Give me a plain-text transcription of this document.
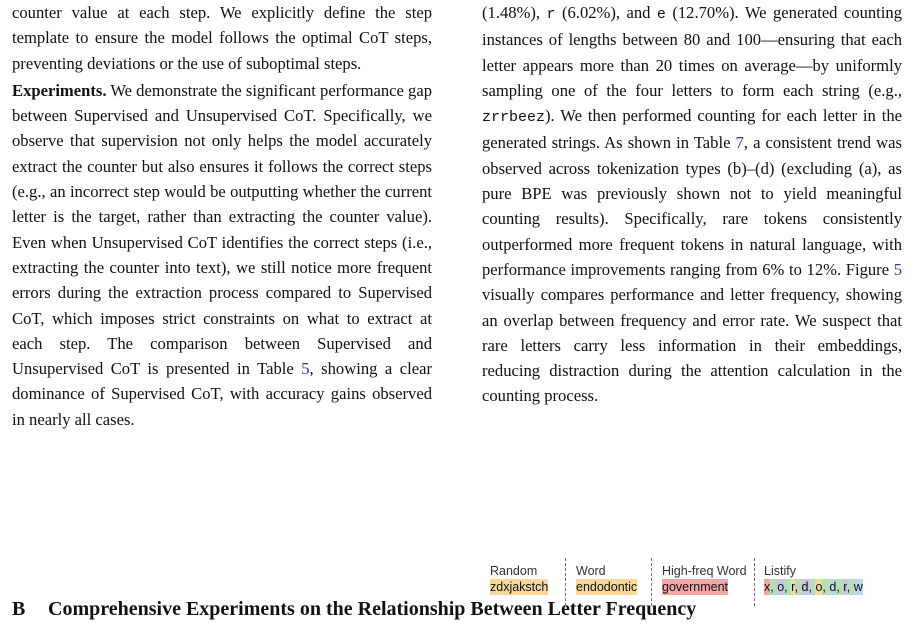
counter value at each step. We explicitly define the step template to ensure the model follows the optimal CoT steps, preventing deviations or the use of suboptimal steps.

Experiments. We demonstrate the significant performance gap between Supervised and Unsupervised CoT. Specifically, we observe that supervision not only helps the model accurately extract the counter but also ensures it follows the correct steps (e.g., an incorrect step would be outputting whether the current letter is the target, rather than extracting the counter value). Even when Unsupervised CoT identifies the correct steps (i.e., extracting the counter into text), we still notice more frequent errors during the extraction process compared to Supervised CoT, which imposes strict constraints on what to extract at each step. The comparison between Supervised and Unsupervised CoT is presented in Table 5, showing a clear dominance of Supervised CoT, with accuracy gains observed in nearly all cases.

B Comprehensive Experiments on the Relationship Between Letter Frequency

(1.48%), r (6.02%), and e (12.70%). We generated counting instances of lengths between 80 and 100—ensuring that each letter appears more than 20 times on average—by uniformly sampling one of the four letters to form each string (e.g., zrrbeez). We then performed counting for each letter in the generated strings. As shown in Table 7, a consistent trend was observed across tokenization types (b)–(d) (excluding (a), as pure BPE was previously shown not to yield meaningful counting results). Specifically, rare tokens consistently outperformed more frequent tokens in natural language, with performance improvements ranging from 6% to 12%. Figure 5 visually compares performance and letter frequency, showing an overlap between frequency and error rate. We suspect that rare letters carry less information in their embeddings, reducing distraction during the attention calculation in the counting process.

Random
zdxjakstch
Word
endodontic
High-freq Word
government
Listify
x, o, r, d, o, d, r, w
